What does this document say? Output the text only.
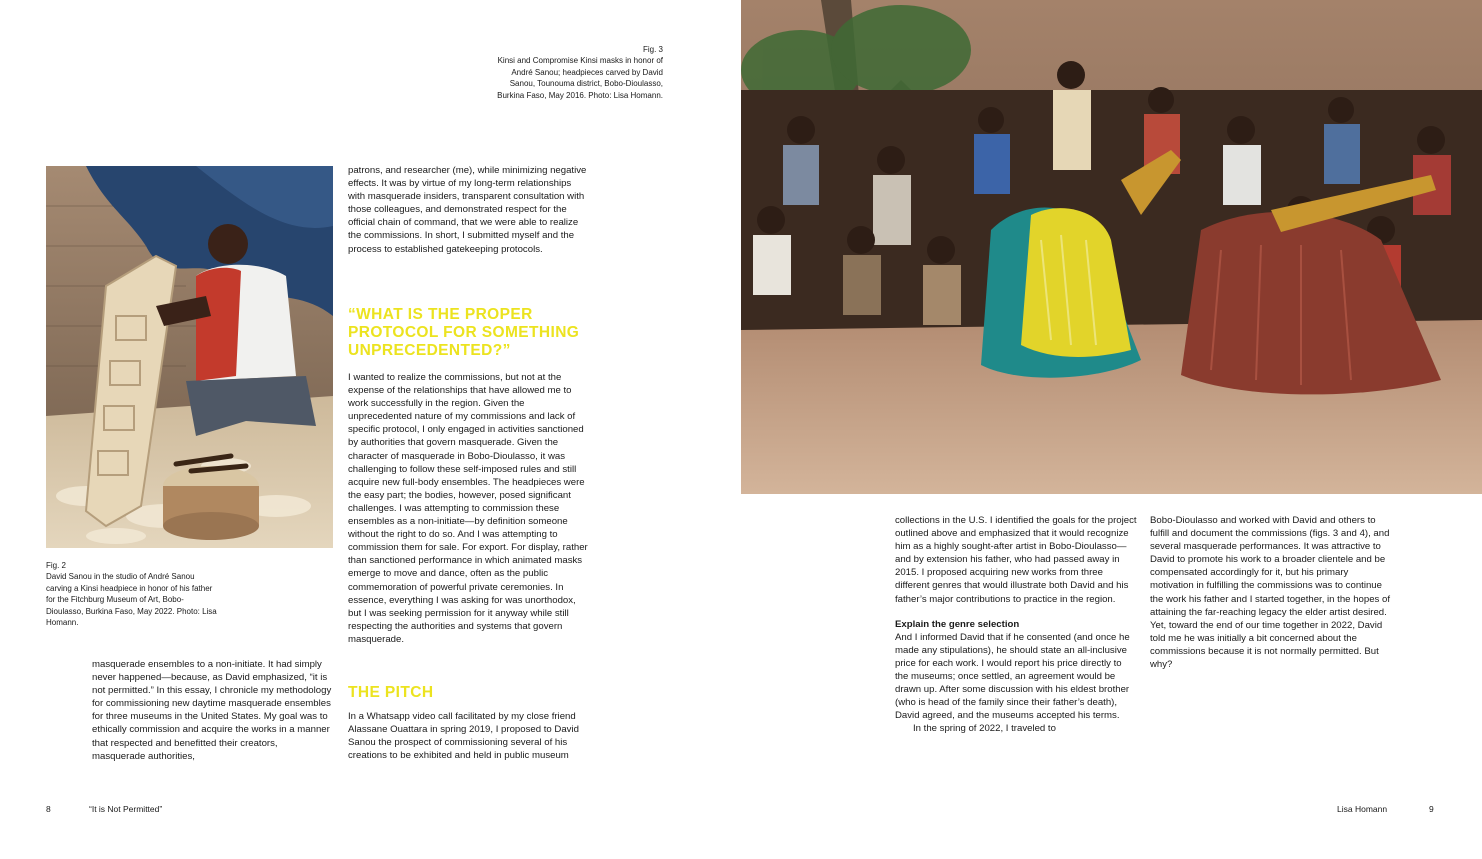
Fig. 3
Kinsi and Compromise Kinsi masks in honor of André Sanou; headpieces carved by David Sanou, Tounouma district, Bobo-Dioulasso, Burkina Faso, May 2016. Photo: Lisa Homann.
Fig. 2
David Sanou in the studio of André Sanou carving a Kinsi headpiece in honor of his father for the Fitchburg Museum of Art, Bobo-Dioulasso, Burkina Faso, May 2022. Photo: Lisa Homann.
masquerade ensembles to a non-initiate. It had simply never happened—because, as David emphasized, “it is not permitted.” In this essay, I chronicle my methodology for commissioning new daytime masquerade ensembles for three museums in the United States. My goal was to ethically commission and acquire the works in a manner that respected and benefitted their creators, masquerade authorities,
patrons, and researcher (me), while minimizing negative effects. It was by virtue of my long-term relationships with masquerade insiders, transparent consultation with those colleagues, and demonstrated respect for the official chain of command, that we were able to realize the commissions. In short, I submitted myself and the process to established gatekeeping protocols.
“WHAT IS THE PROPER PROTOCOL FOR SOMETHING UNPRECEDENTED?”
I wanted to realize the commissions, but not at the expense of the relationships that have allowed me to work successfully in the region. Given the unprecedented nature of my commissions and lack of specific protocol, I only engaged in activities sanctioned by authorities that govern masquerade. Given the character of masquerade in Bobo-Dioulasso, it was challenging to follow these self-imposed rules and still acquire new full-body ensembles. The headpieces were the easy part; the bodies, however, posed significant challenges. I was attempting to commission these ensembles as a non-initiate—by definition someone without the right to do so. And I was attempting to commission them for sale. For export. For display, rather than sanctioned performance in which animated masks emerge to move and dance, often as the public commemoration of powerful private ceremonies. In essence, everything I was asking for was unorthodox, but I was seeking permission for it anyway while still respecting the authorities and systems that govern masquerade.
THE PITCH
In a Whatsapp video call facilitated by my close friend Alassane Ouattara in spring 2019, I proposed to David Sanou the prospect of commissioning several of his creations to be exhibited and held in public museum
collections in the U.S. I identified the goals for the project outlined above and emphasized that it would recognize him as a highly sought-after artist in Bobo-Dioulasso—and by extension his father, who had passed away in 2015. I proposed acquiring new works from three different genres that would illustrate both David and his father’s major contributions to practice in the region.
Explain the genre selection
And I informed David that if he consented (and once he made any stipulations), he should state an all-inclusive price for each work. I would report his price directly to the museums; once settled, an agreement would be drawn up. After some discussion with his eldest brother (who is head of the family since their father’s death), David agreed, and the museums accepted his terms.
In the spring of 2022, I traveled to
Bobo-Dioulasso and worked with David and others to fulfill and document the commissions (figs. 3 and 4), and several masquerade performances. It was attractive to David to promote his work to a broader clientele and be compensated accordingly for it, but his primary motivation in fulfilling the commissions was to continue the work his father and I started together, in the hopes of attaining the far-reaching legacy the elder artist desired. Yet, toward the end of our time together in 2022, David told me he was initially a bit concerned about the commissions because it is not normally permitted. But why?
8	“It is Not Permitted”	Lisa Homann	9
